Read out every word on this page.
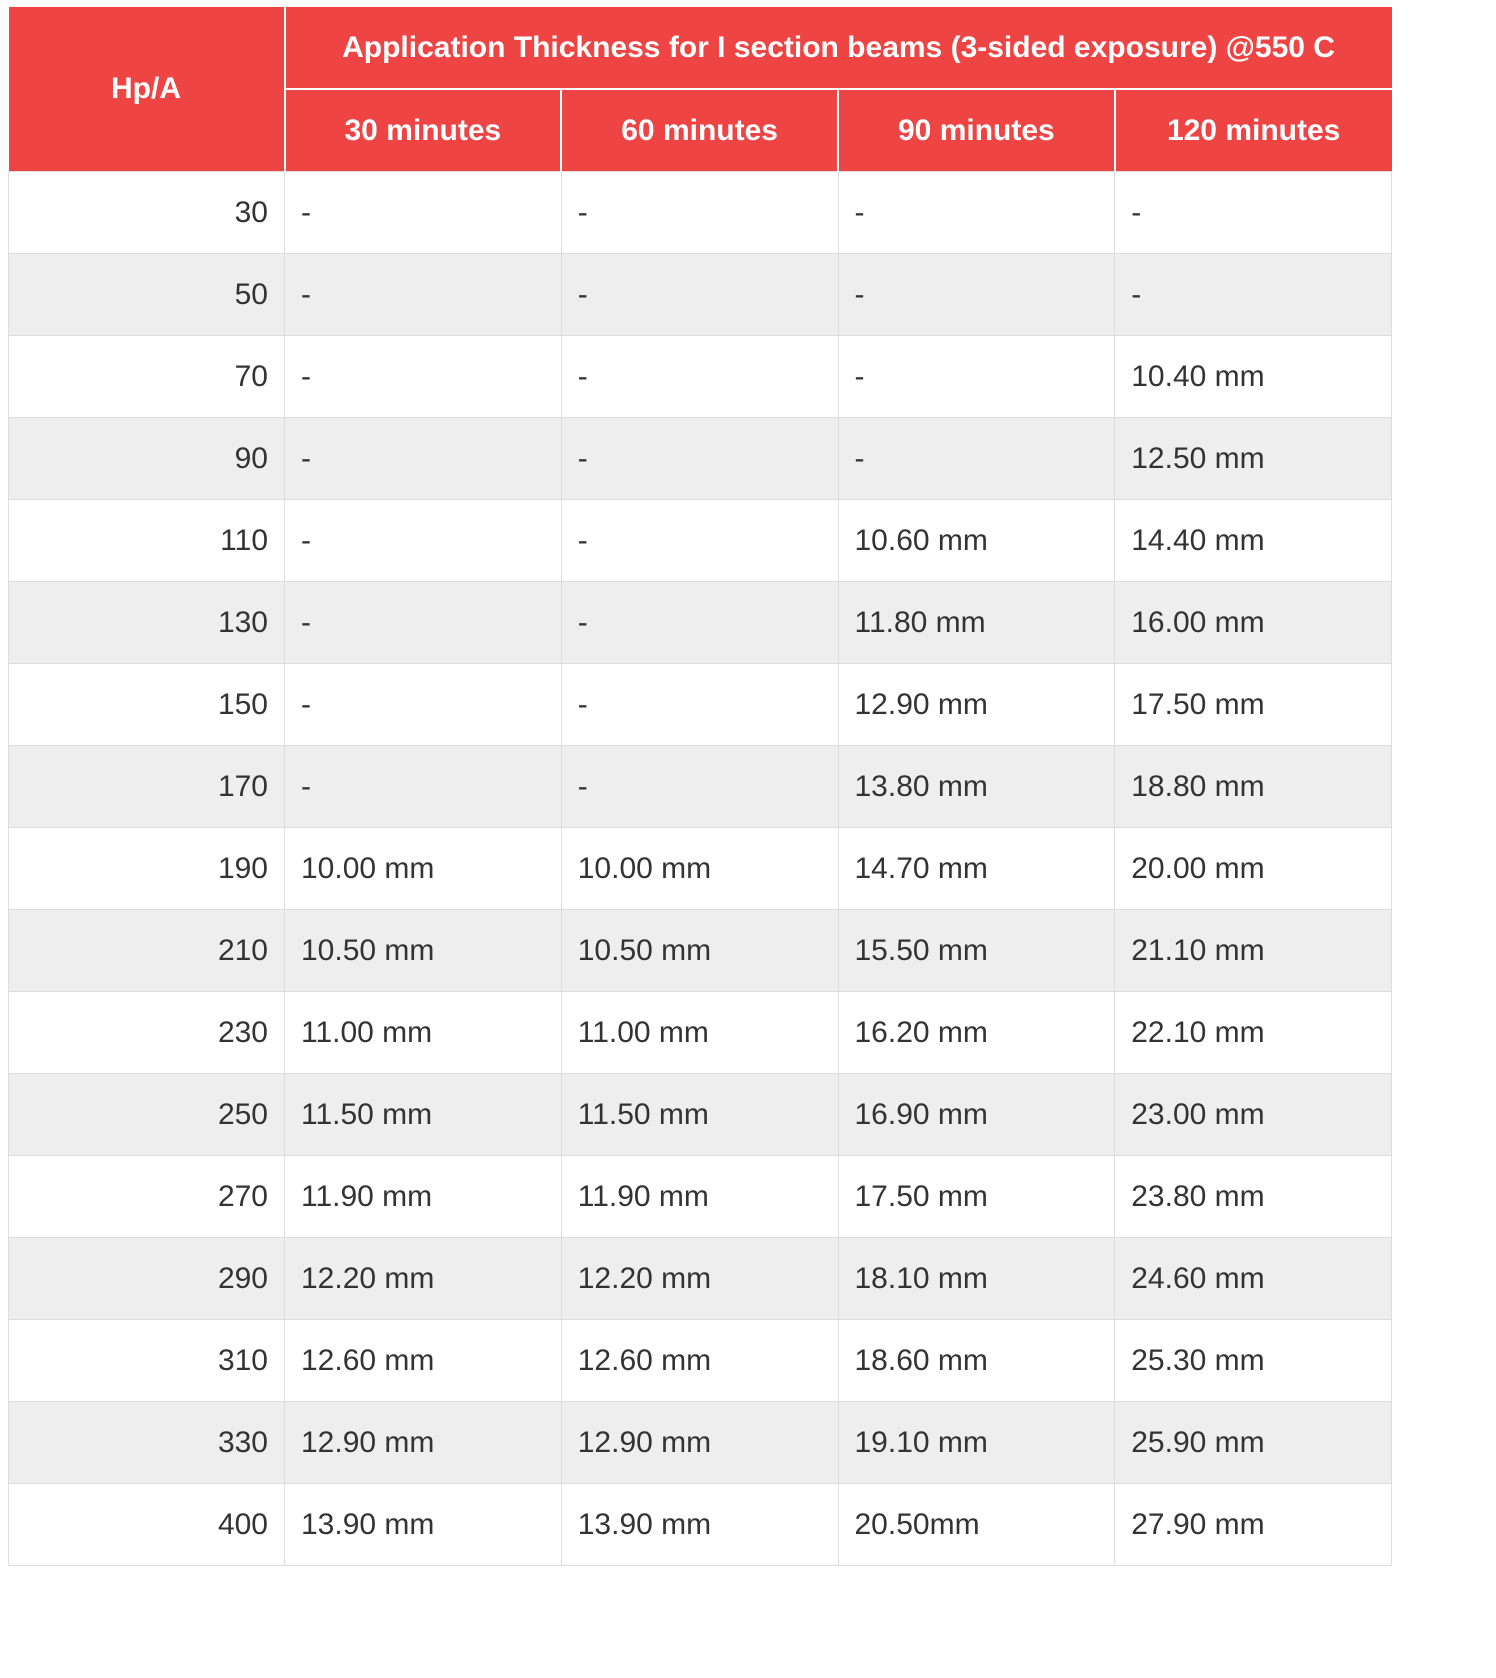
Hp/A	Application Thickness for I section beams (3-sided exposure) @550 C			
	30 minutes	60 minutes	90 minutes	120 minutes
30	-	-	-	-
50	-	-	-	-
70	-	-	-	10.40 mm
90	-	-	-	12.50 mm
110	-	-	10.60 mm	14.40 mm
130	-	-	11.80 mm	16.00 mm
150	-	-	12.90 mm	17.50 mm
170	-	-	13.80 mm	18.80 mm
190	10.00 mm	10.00 mm	14.70 mm	20.00 mm
210	10.50 mm	10.50 mm	15.50 mm	21.10 mm
230	11.00 mm	11.00 mm	16.20 mm	22.10 mm
250	11.50 mm	11.50 mm	16.90 mm	23.00 mm
270	11.90 mm	11.90 mm	17.50 mm	23.80 mm
290	12.20 mm	12.20 mm	18.10 mm	24.60 mm
310	12.60 mm	12.60 mm	18.60 mm	25.30 mm
330	12.90 mm	12.90 mm	19.10 mm	25.90 mm
400	13.90 mm	13.90 mm	20.50mm	27.90 mm
